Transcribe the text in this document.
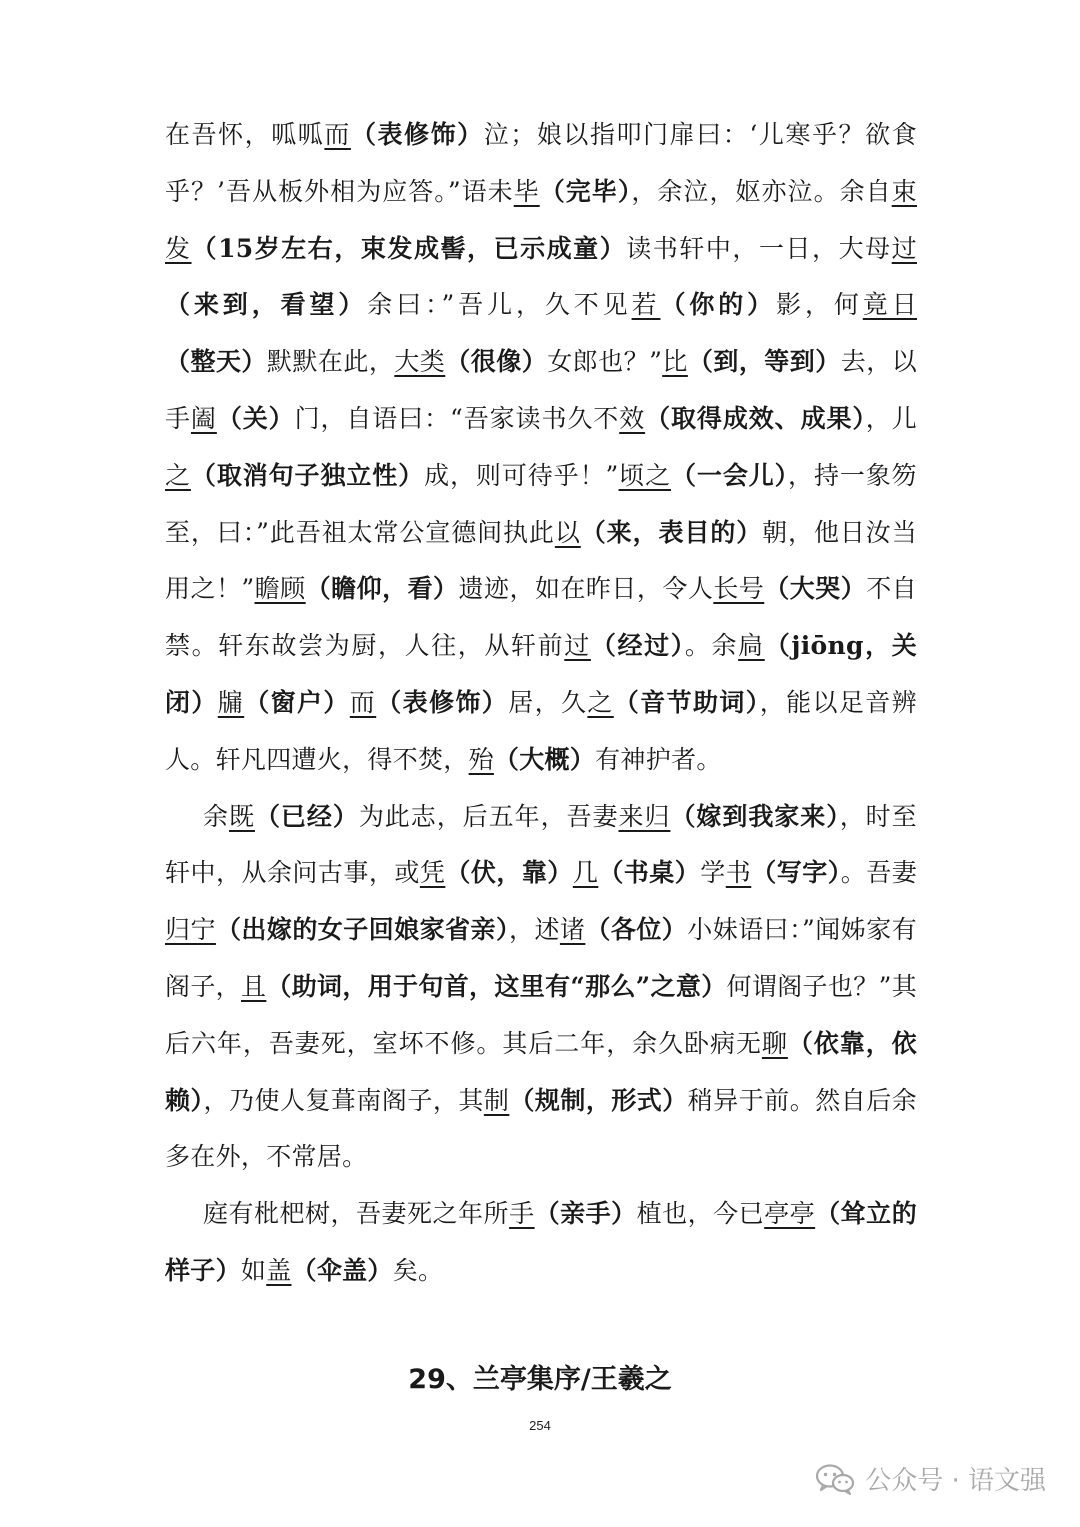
在吾怀，呱呱而（表修饰）泣；娘以指叩门扉曰：‘儿寒乎？欲食乎？’吾从板外相为应答。”语未毕（完毕），余泣，妪亦泣。余自束发（15岁左右，束发成髻，已示成童）读书轩中，一日，大母过（来到，看望）余曰：”吾儿，久不见若（你的）影，何竟日（整天）默默在此，大类（很像）女郎也？”比（到，等到）去，以手阖（关）门，自语曰：“吾家读书久不效（取得成效、成果），儿之（取消句子独立性）成，则可待乎！”顷之（一会儿），持一象笏至，曰：”此吾祖太常公宣德间执此以（来，表目的）朝，他日汝当用之！”瞻顾（瞻仰，看）遗迹，如在昨日，令人长号（大哭）不自禁。轩东故尝为厨，人往，从轩前过（经过）。余扃（jiōng，关闭）牖（窗户）而（表修饰）居，久之（音节助词），能以足音辨人。轩凡四遭火，得不焚，殆（大概）有神护者。

余既（已经）为此志，后五年，吾妻来归（嫁到我家来），时至轩中，从余问古事，或凭（伏，靠）几（书桌）学书（写字）。吾妻归宁（出嫁的女子回娘家省亲），述诸（各位）小妹语曰：”闻姊家有阁子，且（助词，用于句首，这里有“那么”之意）何谓阁子也？”其后六年，吾妻死，室坏不修。其后二年，余久卧病无聊（依靠，依赖），乃使人复葺南阁子，其制（规制，形式）稍异于前。然自后余多在外，不常居。

庭有枇杷树，吾妻死之年所手（亲手）植也，今已亭亭（耸立的样子）如盖（伞盖）矣。

29、兰亭集序/王羲之
254
公众号 · 语文强
